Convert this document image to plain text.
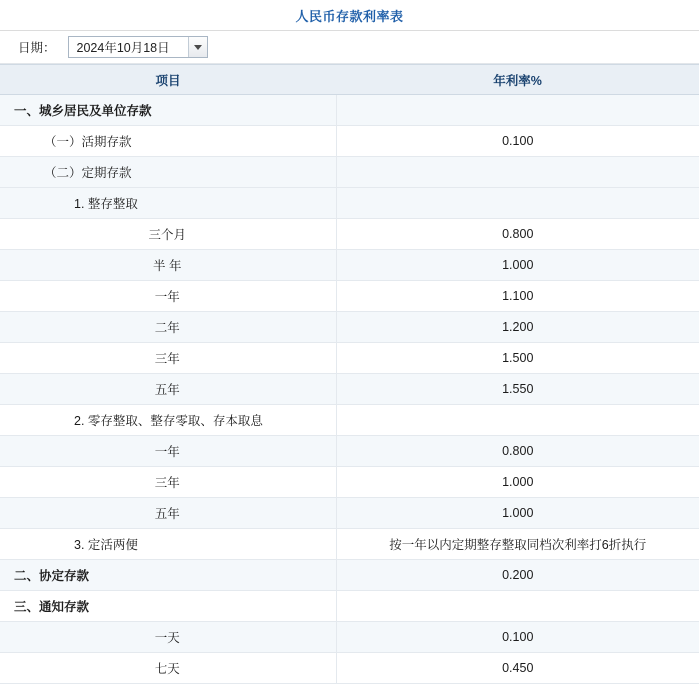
人民币存款利率表
日期：	2024年10月18日
项目	年利率%
一、城乡居民及单位存款	
（一）活期存款	0.100
（二）定期存款	
1. 整存整取	
三个月	0.800
半 年	1.000
一年	1.100
二年	1.200
三年	1.500
五年	1.550
2. 零存整取、整存零取、存本取息	
一年	0.800
三年	1.000
五年	1.000
3. 定活两便	按一年以内定期整存整取同档次利率打6折执行
二、协定存款	0.200
三、通知存款	
一天	0.100
七天	0.450
